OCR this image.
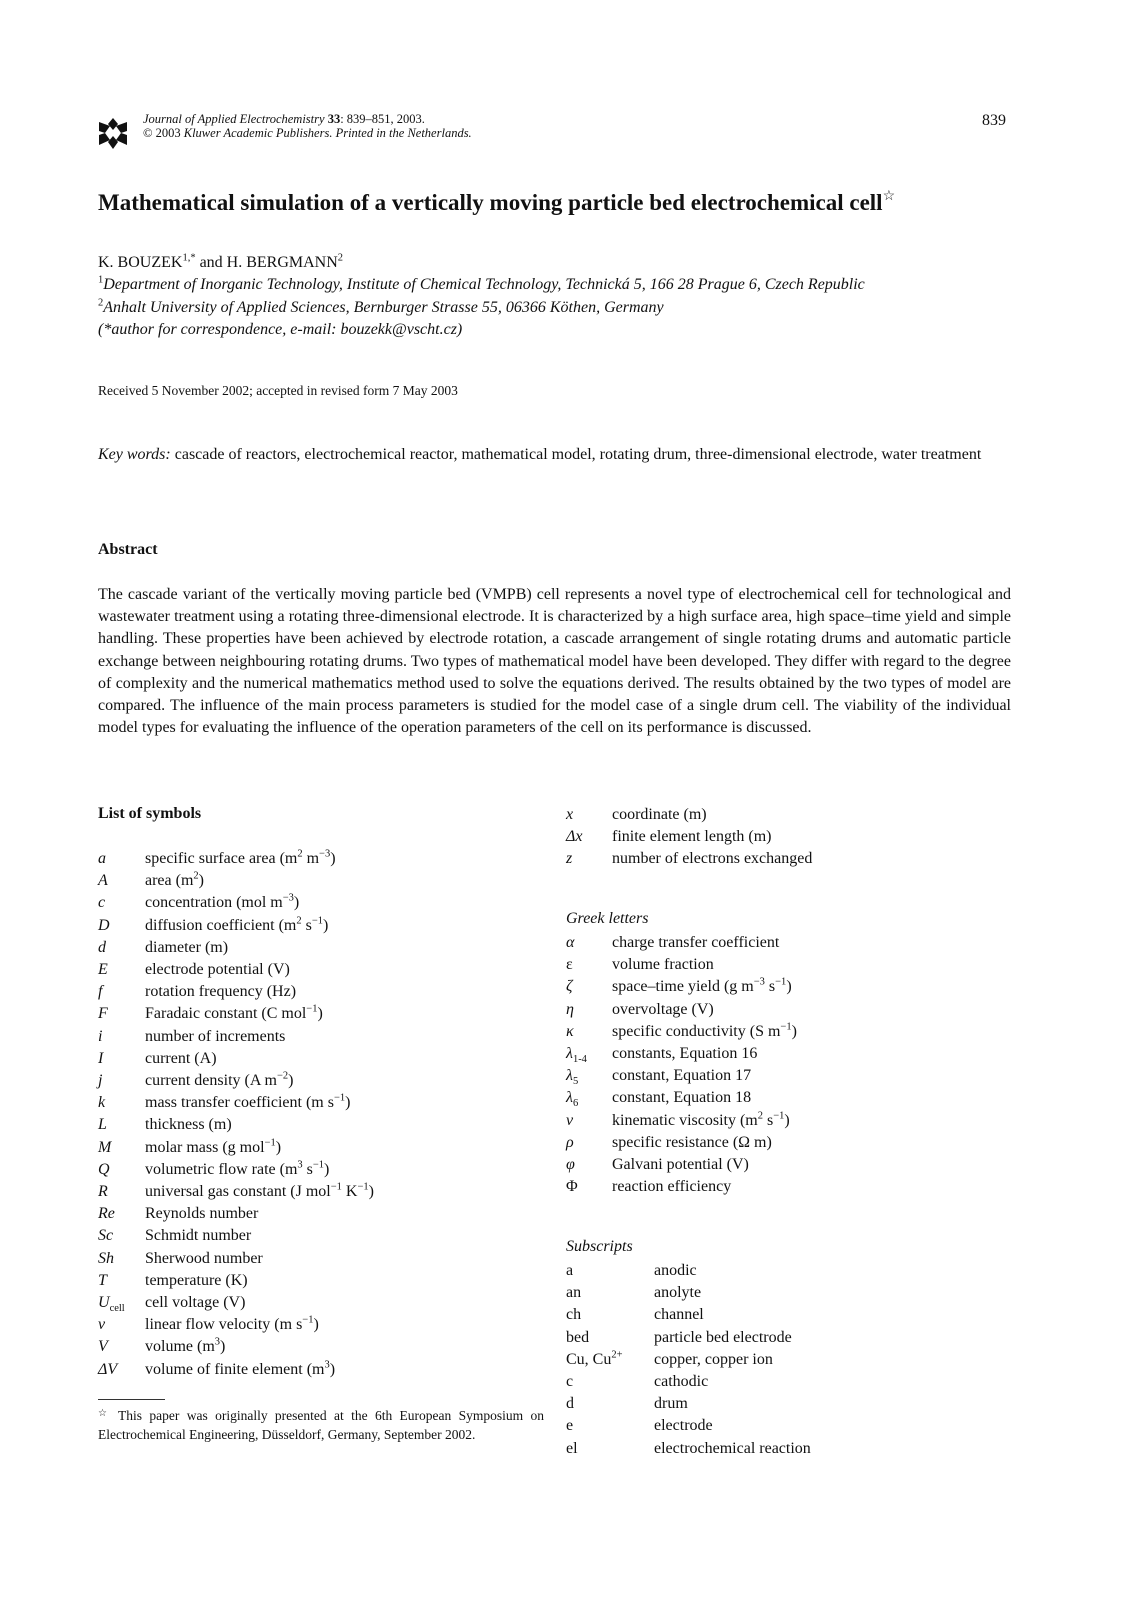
Journal of Applied Electrochemistry 33: 839–851, 2003.
© 2003 Kluwer Academic Publishers. Printed in the Netherlands.
839
Mathematical simulation of a vertically moving particle bed electrochemical cell☆
K. $BOUZEK^{1,*}$ and H. BERGMANN$^2$
$^1$Department of Inorganic Technology, Institute of Chemical Technology, Technická 5, 166 28 Prague 6, Czech Republic
$^2$Anhalt University of Applied Sciences, Bernburger Strasse 55, 06366 Köthen, Germany
(*author for correspondence, e-mail: bouzekk@vscht.cz)
Received 5 November 2002; accepted in revised form 7 May 2003
Key words: cascade of reactors, electrochemical reactor, mathematical model, rotating drum, three-dimensional electrode, water treatment
Abstract
The cascade variant of the vertically moving particle bed (VMPB) cell represents a novel type of electrochemical cell for technological and wastewater treatment using a rotating three-dimensional electrode. It is characterized by a high surface area, high space–time yield and simple handling. These properties have been achieved by electrode rotation, a cascade arrangement of single rotating drums and automatic particle exchange between neighbouring rotating drums. Two types of mathematical model have been developed. They differ with regard to the degree of complexity and the numerical mathematics method used to solve the equations derived. The results obtained by the two types of model are compared. The influence of the main process parameters is studied for the model case of a single drum cell. The viability of the individual model types for evaluating the influence of the operation parameters of the cell on its performance is discussed.
List of symbols
a	specific surface area ($m^2$ $m^{-3}$)
A	area $(m^2)$
c	concentration (mol $m^{-3}$)
D	diffusion coefficient ($m^2$ $s^{-1}$)
d	diameter (m)
E	electrode potential (V)
f	rotation frequency (Hz)
F	Faradaic constant (C mol$^{-1}$)
i	number of increments
I	current (A)
j	current density (A $m^{-2}$)
k	mass transfer coefficient (m $s^{-1}$)
L	thickness (m)
M	molar mass (g mol$^{-1}$)
Q	volumetric flow rate ($m^3$ $s^{-1}$)
R	universal gas constant (J mol$^{-1}$ $K^{-1}$)
Re	Reynolds number
Sc	Schmidt number
Sh	Sherwood number
T	temperature (K)
$U_{cell}$	cell voltage (V)
v	linear flow velocity (m $s^{-1}$)
V	volume $(m^3)$
ΔV	volume of finite element $(m^3)$
x	coordinate (m)
Δx	finite element length (m)
z	number of electrons exchanged
Greek letters
α	charge transfer coefficient
ε	volume fraction
ζ	space–time yield (g $m^{-3}$ $s^{-1}$)
η	overvoltage (V)
κ	specific conductivity (S $m^{-1}$)
$\lambda_{1-4}$	constants, Equation 16
$\lambda_5$	constant, Equation 17
$\lambda_6$	constant, Equation 18
ν	kinematic viscosity ($m^2$ $s^{-1}$)
ρ	specific resistance (Ω m)
φ	Galvani potential (V)
Φ	reaction efficiency
Subscripts
a	anodic
an	anolyte
ch	channel
bed	particle bed electrode
Cu, $Cu^{2+}$	copper, copper ion
c	cathodic
d	drum
e	electrode
el	electrochemical reaction
☆ This paper was originally presented at the 6th European Symposium on Electrochemical Engineering, Düsseldorf, Germany, September 2002.
